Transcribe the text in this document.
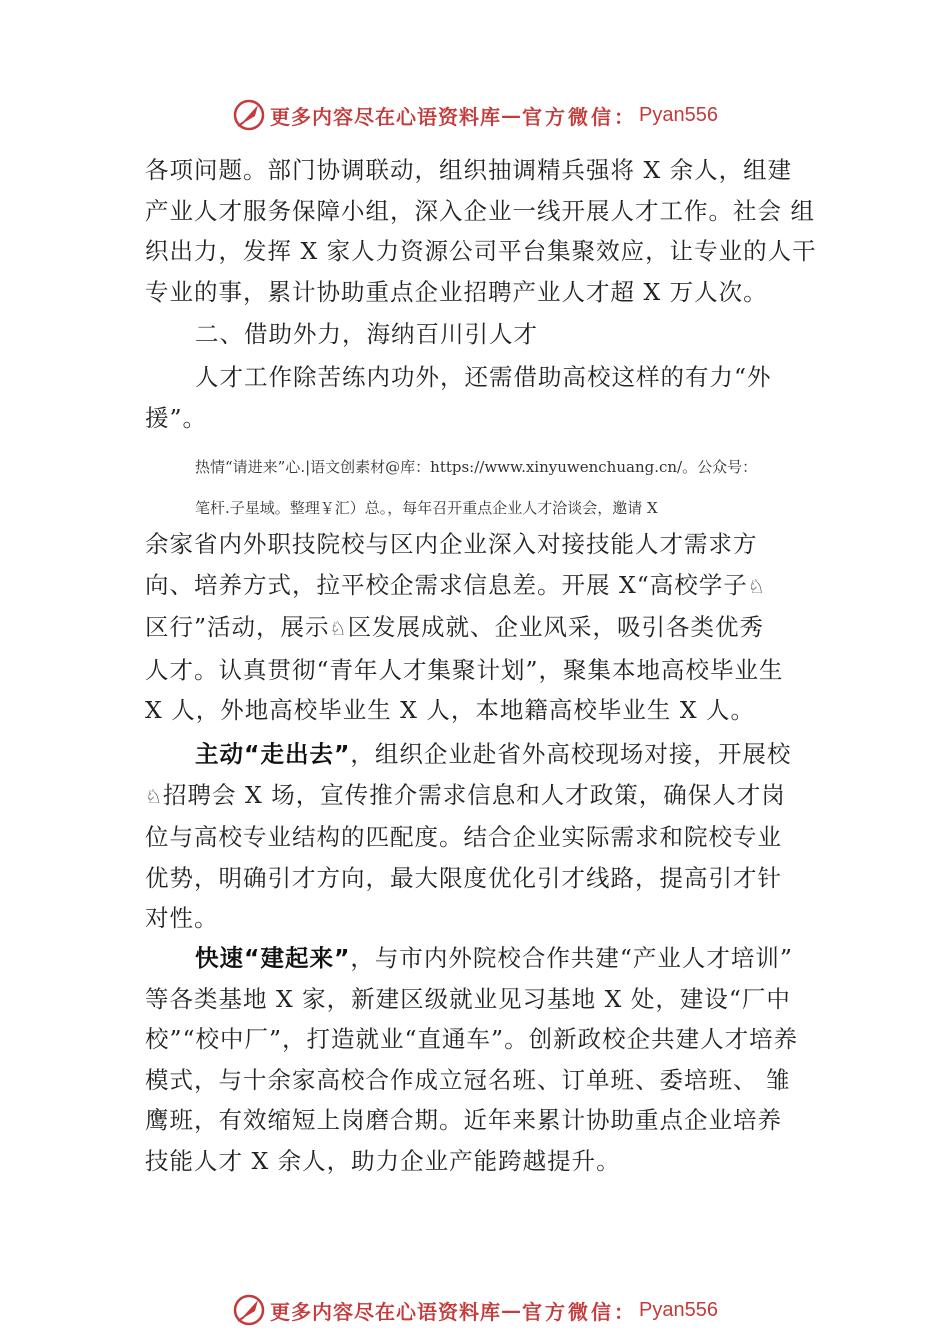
更多内容尽在心语资料库 — 官方微信： Pyan556
各项问题。部门协调联动，组织抽调精兵强将 X 余人，组建
产业人才服务保障小组，深入企业一线开展人才工作。社会 组
织出力，发挥 X 家人力资源公司平台集聚效应，让专业的人干
专业的事，累计协助重点企业招聘产业人才超 X 万人次。
二、借助外力，海纳百川引人才
人才工作除苦练内功外，还需借助高校这样的有力“外
援”。
热情“请进来”心.|语文创素材@库：https://www.xinyuwenchuang.cn/。公众号：
笔杆.子星域。整理￥汇）总。，每年召开重点企业人才洽谈会，邀请 X
余家省内外职技院校与区内企业深入对接技能人才需求方
向、培养方式，拉平校企需求信息差。开展 X“高校学子♘
区行”活动，展示♘区发展成就、企业风采，吸引各类优秀
人才。认真贯彻“青年人才集聚计划”，聚集本地高校毕业生
X 人，外地高校毕业生 X 人，本地籍高校毕业生 X 人。
主动“走出去”，组织企业赴省外高校现场对接，开展校
♘招聘会 X 场，宣传推介需求信息和人才政策，确保人才岗
位与高校专业结构的匹配度。结合企业实际需求和院校专业
优势，明确引才方向，最大限度优化引才线路，提高引才针
对性。
快速“建起来”，与市内外院校合作共建“产业人才培训”
等各类基地 X 家，新建区级就业见习基地 X 处，建设“厂中
校”“校中厂”，打造就业“直通车”。创新政校企共建人才培养
模式，与十余家高校合作成立冠名班、订单班、委培班、 雏
鹰班，有效缩短上岗磨合期。近年来累计协助重点企业培养
技能人才 X 余人，助力企业产能跨越提升。
更多内容尽在心语资料库 — 官方微信： Pyan556
